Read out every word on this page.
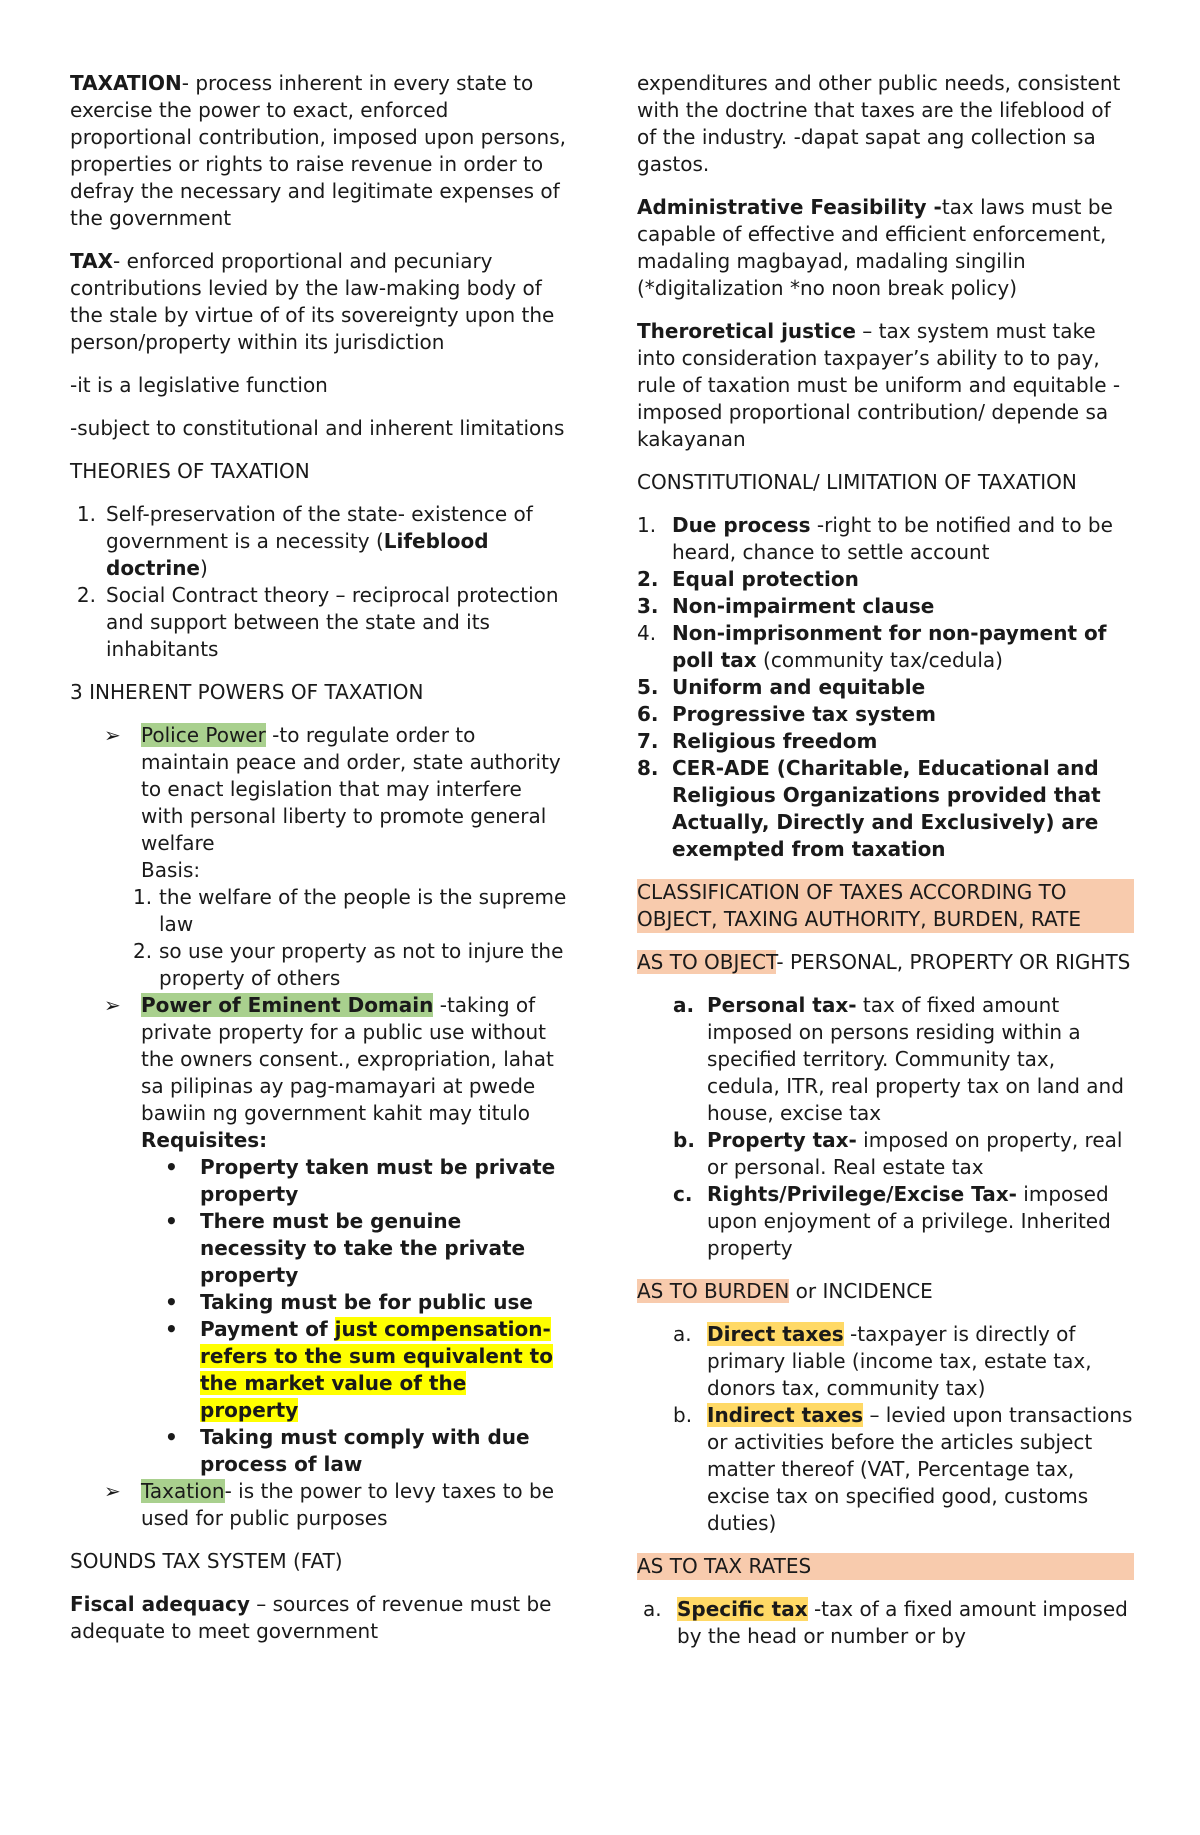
TAXATION- process inherent in every state to exercise the power to exact, enforced proportional contribution, imposed upon persons, properties or rights to raise revenue in order to defray the necessary and legitimate expenses of the government

TAX- enforced proportional and pecuniary contributions levied by the law-making body of the stale by virtue of of its sovereignty upon the person/property within its jurisdiction

-it is a legislative function

-subject to constitutional and inherent limitations

THEORIES OF TAXATION

1. Self-preservation of the state- existence of government is a necessity (Lifeblood doctrine)
2. Social Contract theory – reciprocal protection and support between the state and its inhabitants

3 INHERENT POWERS OF TAXATION

➢ Police Power -to regulate order to maintain peace and order, state authority to enact legislation that may interfere with personal liberty to promote general welfare
Basis:
1. the welfare of the people is the supreme law
2. so use your property as not to injure the property of others
➢ Power of Eminent Domain -taking of private property for a public use without the owners consent., expropriation, lahat sa pilipinas ay pag-mamayari at pwede bawiin ng government kahit may titulo
Requisites:
• Property taken must be private property
• There must be genuine necessity to take the private property
• Taking must be for public use
• Payment of just compensation- refers to the sum equivalent to the market value of the property
• Taking must comply with due process of law
➢ Taxation- is the power to levy taxes to be used for public purposes

SOUNDS TAX SYSTEM (FAT)

Fiscal adequacy – sources of revenue must be adequate to meet government

expenditures and other public needs, consistent with the doctrine that taxes are the lifeblood of of the industry. -dapat sapat ang collection sa gastos.

Administrative Feasibility -tax laws must be capable of effective and efficient enforcement, madaling magbayad, madaling singilin (*digitalization *no noon break policy)

Theroretical justice – tax system must take into consideration taxpayer’s ability to to pay, rule of taxation must be uniform and equitable -imposed proportional contribution/ depende sa kakayanan

CONSTITUTIONAL/ LIMITATION OF TAXATION

1. Due process -right to be notified and to be heard, chance to settle account
2. Equal protection
3. Non-impairment clause
4. Non-imprisonment for non-payment of poll tax (community tax/cedula)
5. Uniform and equitable
6. Progressive tax system
7. Religious freedom
8. CER-ADE (Charitable, Educational and Religious Organizations provided that Actually, Directly and Exclusively) are exempted from taxation

CLASSIFICATION OF TAXES ACCORDING TO OBJECT, TAXING AUTHORITY, BURDEN, RATE

AS TO OBJECT- PERSONAL, PROPERTY OR RIGHTS

a. Personal tax- tax of fixed amount imposed on persons residing within a specified territory. Community tax, cedula, ITR, real property tax on land and house, excise tax
b. Property tax- imposed on property, real or personal. Real estate tax
c. Rights/Privilege/Excise Tax- imposed upon enjoyment of a privilege. Inherited property

AS TO BURDEN or INCIDENCE

a. Direct taxes -taxpayer is directly of primary liable (income tax, estate tax, donors tax, community tax)
b. Indirect taxes – levied upon transactions or activities before the articles subject matter thereof (VAT, Percentage tax, excise tax on specified good, customs duties)

AS TO TAX RATES

a. Specific tax -tax of a fixed amount imposed by the head or number or by
